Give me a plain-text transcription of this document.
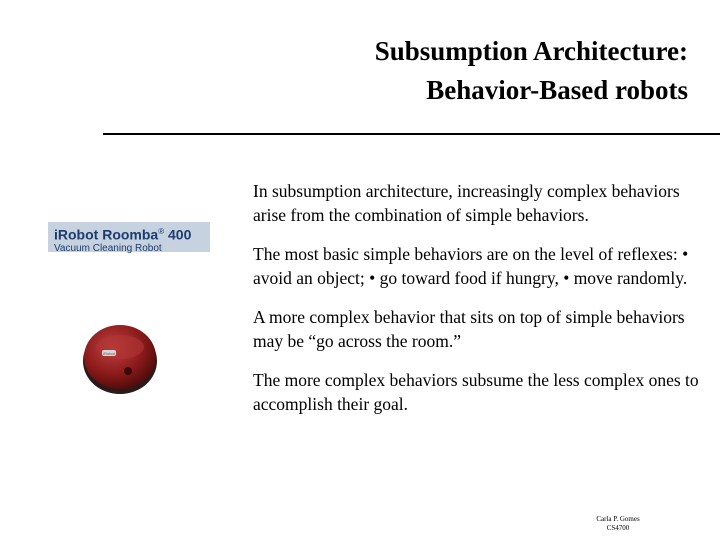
Subsumption Architecture:
Behavior-Based robots
iRobot Roomba® 400
Vacuum Cleaning Robot
iRobot

In subsumption architecture, increasingly complex behaviors arise from the combination of simple behaviors.

The most basic simple behaviors are on the level of reflexes: • avoid an object; • go toward food if hungry, • move randomly.

A more complex behavior that sits on top of simple behaviors may be “go across the room.”

The more complex behaviors subsume the less complex ones to accomplish their goal.

Carla P. Gomes
CS4700
